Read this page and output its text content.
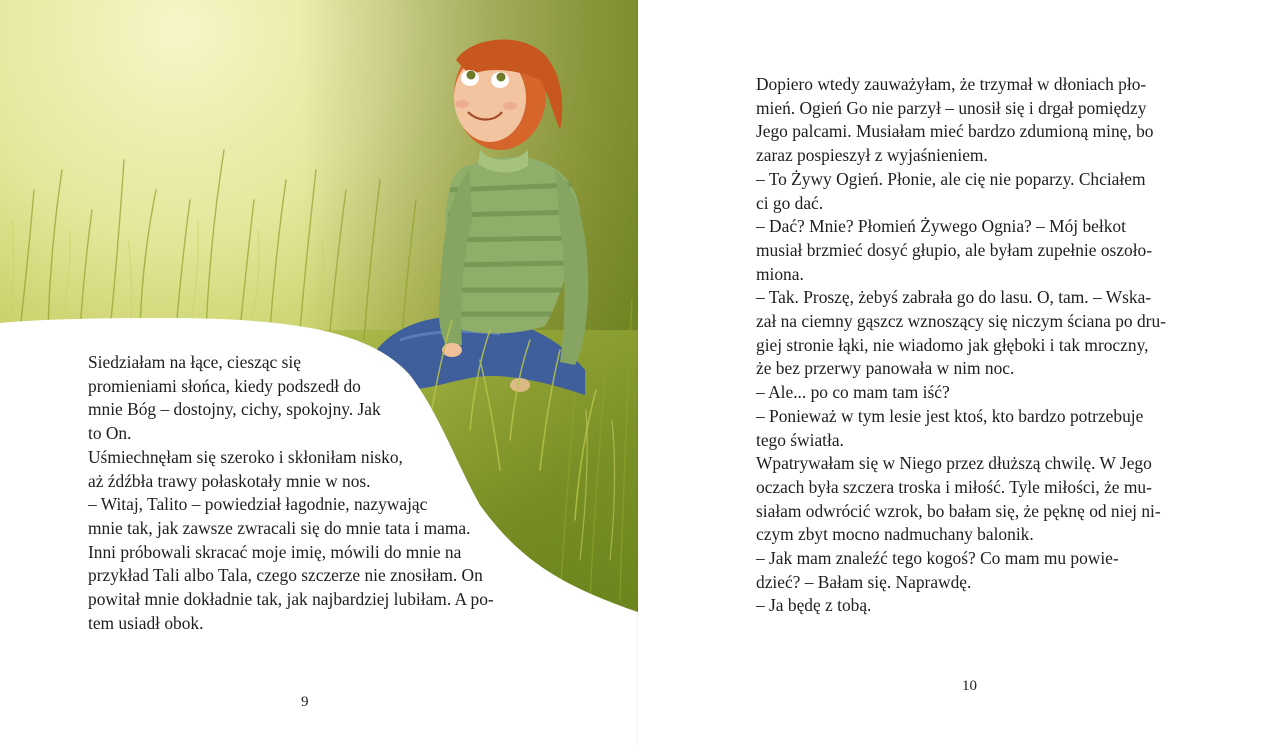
Siedziałam na łące, ciesząc się
promieniami słońca, kiedy podszedł do
mnie Bóg – dostojny, cichy, spokojny. Jak
to On.

Uśmiechnęłam się szeroko i skłoniłam nisko,
aż źdźbła trawy połaskotały mnie w nos.

– Witaj, Talito – powiedział łagodnie, nazywając
mnie tak, jak zawsze zwracali się do mnie tata i mama.

Inni próbowali skracać moje imię, mówili do mnie na
przykład Tali albo Tala, czego szczerze nie znosiłam. On
powitał mnie dokładnie tak, jak najbardziej lubiłam. A po-
tem usiadł obok.

9

Dopiero wtedy zauważyłam, że trzymał w dłoniach pło-
mień. Ogień Go nie parzył – unosił się i drgał pomiędzy
Jego palcami. Musiałam mieć bardzo zdumioną minę, bo
zaraz pospieszył z wyjaśnieniem.

– To Żywy Ogień. Płonie, ale cię nie poparzy. Chciałem
ci go dać.

– Dać? Mnie? Płomień Żywego Ognia? – Mój bełkot
musiał brzmieć dosyć głupio, ale byłam zupełnie oszoło-
miona.

– Tak. Proszę, żebyś zabrała go do lasu. O, tam. – Wska-
zał na ciemny gąszcz wznoszący się niczym ściana po dru-
giej stronie łąki, nie wiadomo jak głęboki i tak mroczny,
że bez przerwy panowała w nim noc.

– Ale... po co mam tam iść?

– Ponieważ w tym lesie jest ktoś, kto bardzo potrzebuje
tego światła.

Wpatrywałam się w Niego przez dłuższą chwilę. W Jego
oczach była szczera troska i miłość. Tyle miłości, że mu-
siałam odwrócić wzrok, bo bałam się, że pęknę od niej ni-
czym zbyt mocno nadmuchany balonik.

– Jak mam znaleźć tego kogoś? Co mam mu powie-
dzieć? – Bałam się. Naprawdę.

– Ja będę z tobą.

10
